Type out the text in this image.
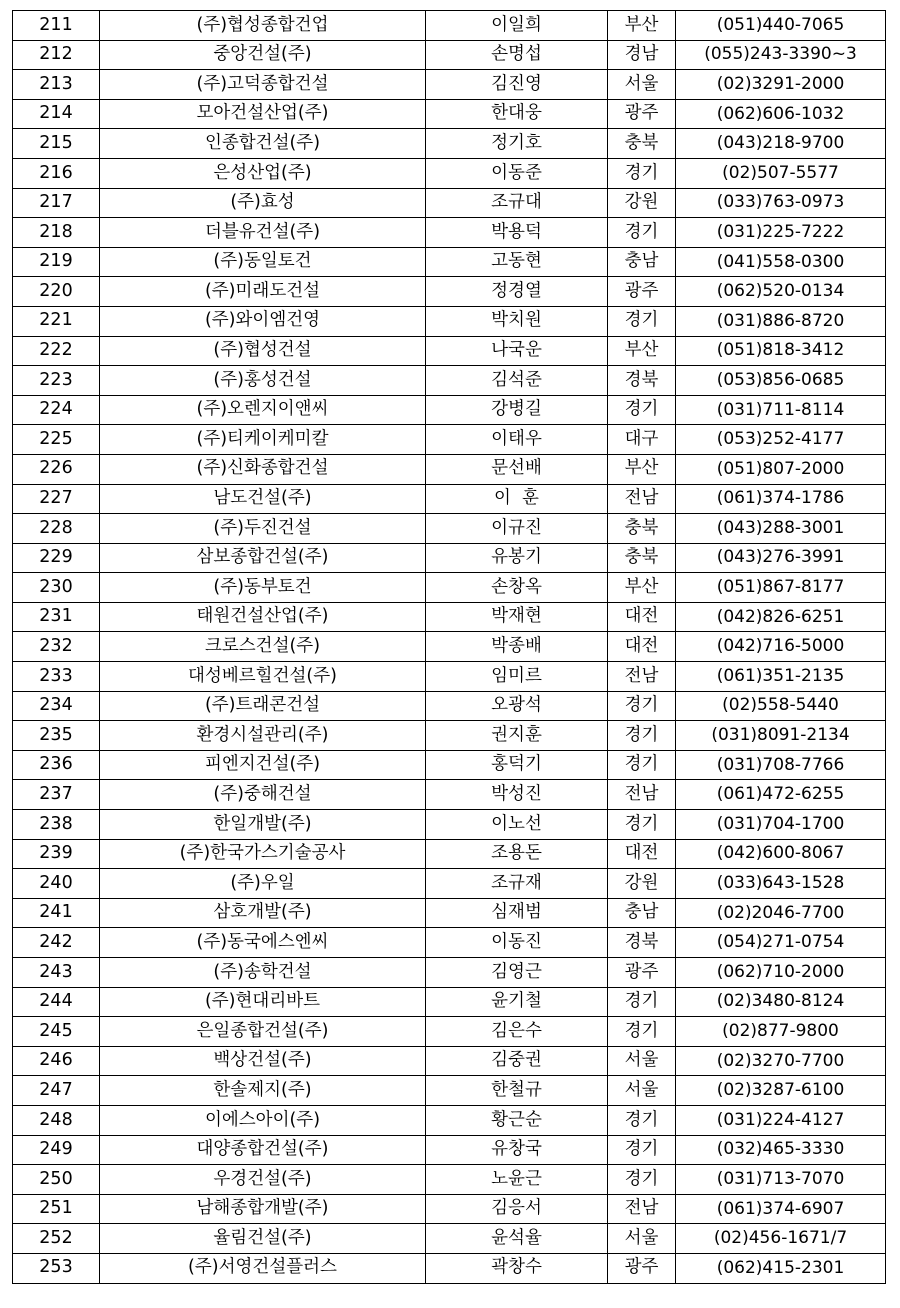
211	(주)협성종합건업	이일희	부산	(051)440-7065
212	중앙건설(주)	손명섭	경남	(055)243-3390~3
213	(주)고덕종합건설	김진영	서울	(02)3291-2000
214	모아건설산업(주)	한대웅	광주	(062)606-1032
215	인종합건설(주)	정기호	충북	(043)218-9700
216	은성산업(주)	이동준	경기	(02)507-5577
217	(주)효성	조규대	강원	(033)763-0973
218	더블유건설(주)	박용덕	경기	(031)225-7222
219	(주)동일토건	고동현	충남	(041)558-0300
220	(주)미래도건설	정경열	광주	(062)520-0134
221	(주)와이엠건영	박치원	경기	(031)886-8720
222	(주)협성건설	나국운	부산	(051)818-3412
223	(주)홍성건설	김석준	경북	(053)856-0685
224	(주)오렌지이앤씨	강병길	경기	(031)711-8114
225	(주)티케이케미칼	이태우	대구	(053)252-4177
226	(주)신화종합건설	문선배	부산	(051)807-2000
227	남도건설(주)	이  훈	전남	(061)374-1786
228	(주)두진건설	이규진	충북	(043)288-3001
229	삼보종합건설(주)	유봉기	충북	(043)276-3991
230	(주)동부토건	손창옥	부산	(051)867-8177
231	태원건설산업(주)	박재현	대전	(042)826-6251
232	크로스건설(주)	박종배	대전	(042)716-5000
233	대성베르힐건설(주)	임미르	전남	(061)351-2135
234	(주)트래콘건설	오광석	경기	(02)558-5440
235	환경시설관리(주)	권지훈	경기	(031)8091-2134
236	피엔지건설(주)	홍덕기	경기	(031)708-7766
237	(주)중해건설	박성진	전남	(061)472-6255
238	한일개발(주)	이노선	경기	(031)704-1700
239	(주)한국가스기술공사	조용돈	대전	(042)600-8067
240	(주)우일	조규재	강원	(033)643-1528
241	삼호개발(주)	심재범	충남	(02)2046-7700
242	(주)동국에스엔씨	이동진	경북	(054)271-0754
243	(주)송학건설	김영근	광주	(062)710-2000
244	(주)현대리바트	윤기철	경기	(02)3480-8124
245	은일종합건설(주)	김은수	경기	(02)877-9800
246	백상건설(주)	김중권	서울	(02)3270-7700
247	한솔제지(주)	한철규	서울	(02)3287-6100
248	이에스아이(주)	황근순	경기	(031)224-4127
249	대양종합건설(주)	유창국	경기	(032)465-3330
250	우경건설(주)	노윤근	경기	(031)713-7070
251	남해종합개발(주)	김응서	전남	(061)374-6907
252	율림건설(주)	윤석율	서울	(02)456-1671/7
253	(주)서영건설플러스	곽창수	광주	(062)415-2301
